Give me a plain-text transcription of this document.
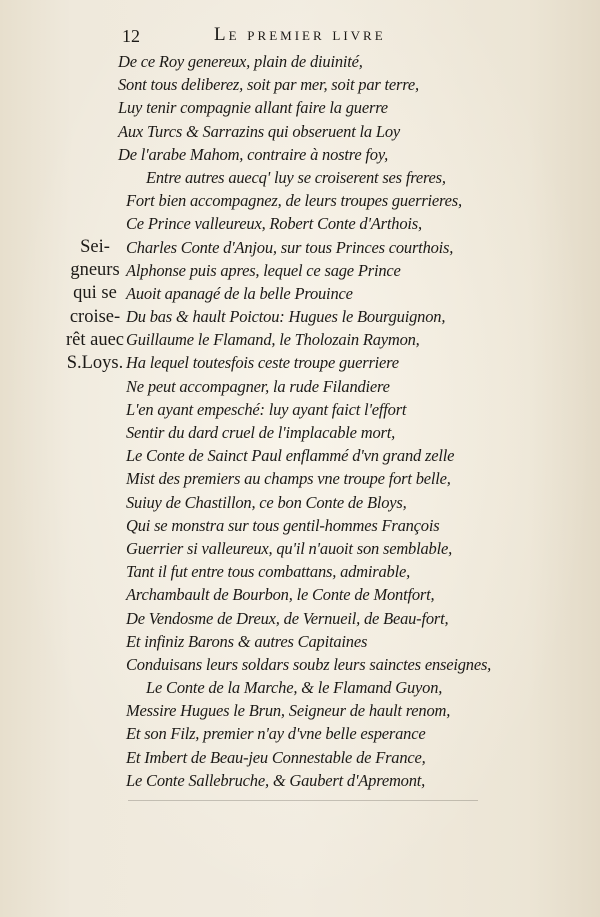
12	Le premier livre
Sei-
gneurs
qui se
croise-
rêt auec
S.Loys.
De ce Roy genereux, plain de diuinité,
Sont tous deliberez, soit par mer, soit par terre,
Luy tenir compagnie allant faire la guerre
Aux Turcs & Sarrazins qui obseruent la Loy
De l'arabe Mahom, contraire à nostre foy,
Entre autres auecq' luy se croiserent ses freres,
Fort bien accompagnez, de leurs troupes guerrieres,
Ce Prince valleureux, Robert Conte d'Arthois,
Charles Conte d'Anjou, sur tous Princes courthois,
Alphonse puis apres, lequel ce sage Prince
Auoit apanagé de la belle Prouince
Du bas & hault Poictou: Hugues le Bourguignon,
Guillaume le Flamand, le Tholozain Raymon,
Ha lequel toutesfois ceste troupe guerriere
Ne peut accompagner, la rude Filandiere
L'en ayant empesché: luy ayant faict l'effort
Sentir du dard cruel de l'implacable mort,
Le Conte de Sainct Paul enflammé d'vn grand zelle
Mist des premiers au champs vne troupe fort belle,
Suiuy de Chastillon, ce bon Conte de Bloys,
Qui se monstra sur tous gentil-hommes François
Guerrier si valleureux, qu'il n'auoit son semblable,
Tant il fut entre tous combattans, admirable,
Archambault de Bourbon, le Conte de Montfort,
De Vendosme de Dreux, de Vernueil, de Beau-fort,
Et infiniz Barons & autres Capitaines
Conduisans leurs soldars soubz leurs sainctes enseignes,
Le Conte de la Marche, & le Flamand Guyon,
Messire Hugues le Brun, Seigneur de hault renom,
Et son Filz, premier n'ay d'vne belle esperance
Et Imbert de Beau-jeu Connestable de France,
Le Conte Sallebruche, & Gaubert d'Apremont,
